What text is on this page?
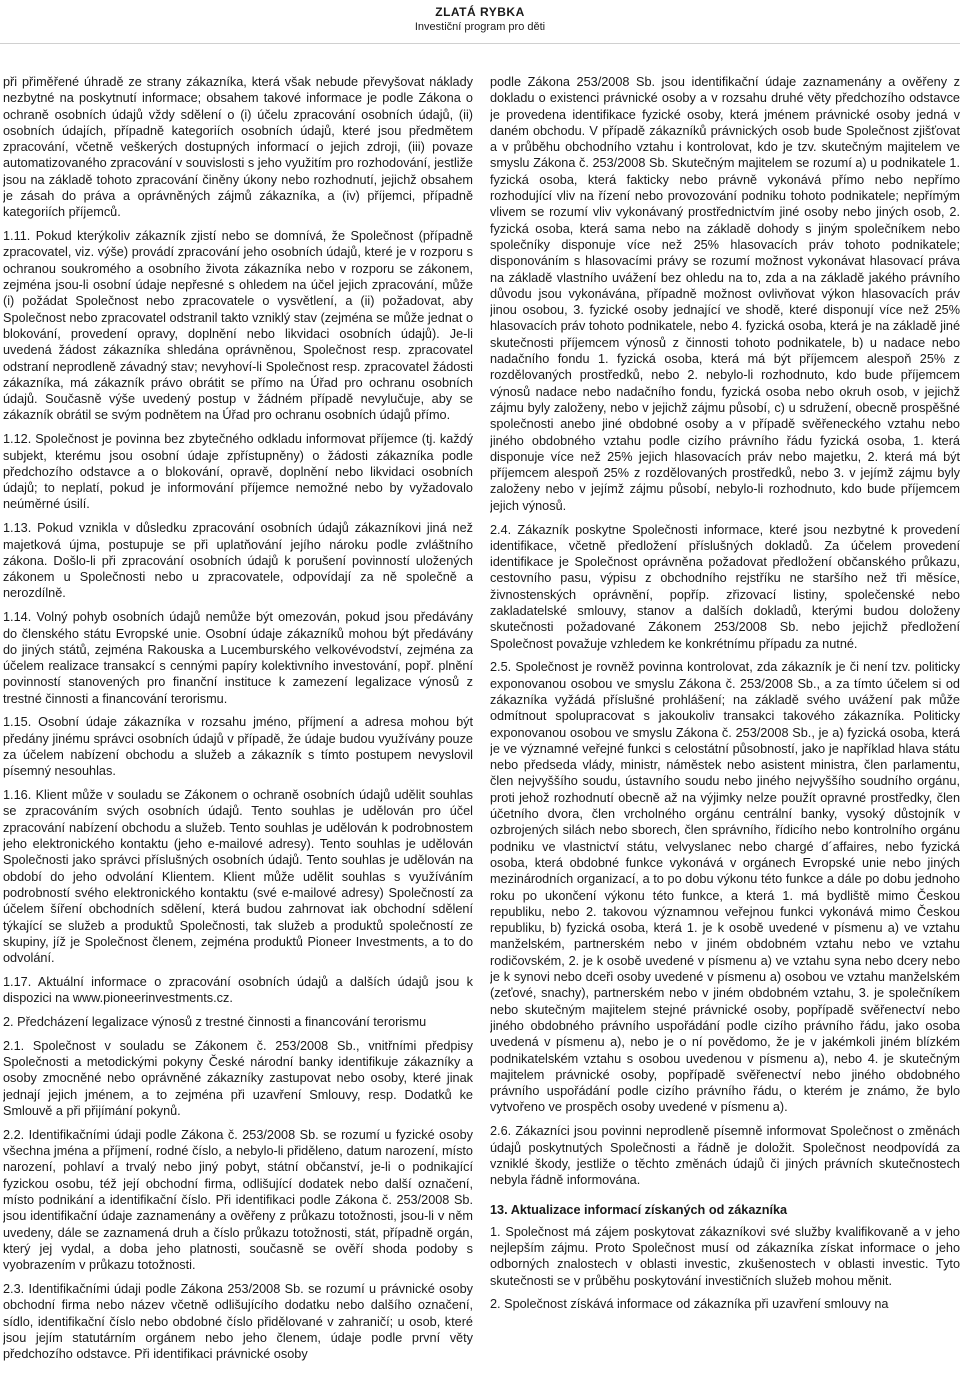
ZLATÁ RYBKA
Investiční program pro děti

při přiměřené úhradě ze strany zákazníka, která však nebude převyšovat náklady nezbytné na poskytnutí informace; obsahem takové informace je podle Zákona o ochraně osobních údajů vždy sdělení o (i) účelu zpracování osobních údajů, (ii) osobních údajích, případně kategoriích osobních údajů, které jsou předmětem zpracování, včetně veškerých dostupných informací o jejich zdroji, (iii) povaze automatizovaného zpracování v souvislosti s jeho využitím pro rozhodování, jestliže jsou na základě tohoto zpracování činěny úkony nebo rozhodnutí, jejichž obsahem je zásah do práva a oprávněných zájmů zákazníka, a (iv) příjemci, případně kategoriích příjemců.

1.11. Pokud kterýkoliv zákazník zjistí nebo se domnívá, že Společnost (případně zpracovatel, viz. výše) provádí zpracování jeho osobních údajů, které je v rozporu s ochranou soukromého a osobního života zákazníka nebo v rozporu se zákonem, zejména jsou-li osobní údaje nepřesné s ohledem na účel jejich zpracování, může (i) požádat Společnost nebo zpracovatele o vysvětlení, a (ii) požadovat, aby Společnost nebo zpracovatel odstranil takto vzniklý stav (zejména se může jednat o blokování, provedení opravy, doplnění nebo likvidaci osobních údajů). Je-li uvedená žádost zákazníka shledána oprávněnou, Společnost resp. zpracovatel odstraní neprodleně závadný stav; nevyhoví-li Společnost resp. zpracovatel žádosti zákazníka, má zákazník právo obrátit se přímo na Úřad pro ochranu osobních údajů. Současně výše uvedený postup v žádném případě nevylučuje, aby se zákazník obrátil se svým podnětem na Úřad pro ochranu osobních údajů přímo.

1.12. Společnost je povinna bez zbytečného odkladu informovat příjemce (tj. každý subjekt, kterému jsou osobní údaje zpřístupněny) o žádosti zákazníka podle předchozího odstavce a o blokování, opravě, doplnění nebo likvidaci osobních údajů; to neplatí, pokud je informování příjemce nemožné nebo by vyžadovalo neúměrné úsilí.

1.13. Pokud vznikla v důsledku zpracování osobních údajů zákazníkovi jiná než majetková újma, postupuje se při uplatňování jejího nároku podle zvláštního zákona. Došlo-li při zpracování osobních údajů k porušení povinností uložených zákonem u Společnosti nebo u zpracovatele, odpovídají za ně společně a nerozdílně.

1.14. Volný pohyb osobních údajů nemůže být omezován, pokud jsou předávány do členského státu Evropské unie. Osobní údaje zákazníků mohou být předávány do jiných států, zejména Rakouska a Lucemburského velkovévodství, zejména za účelem realizace transakcí s cennými papíry kolektivního investování, popř. plnění povinností stanovených pro finanční instituce k zamezení legalizace výnosů z trestné činnosti a financování terorismu.

1.15. Osobní údaje zákazníka v rozsahu jméno, příjmení a adresa mohou být předány jinému správci osobních údajů v případě, že údaje budou využívány pouze za účelem nabízení obchodu a služeb a zákazník s tímto postupem nevyslovil písemný nesouhlas.

1.16. Klient může v souladu se Zákonem o ochraně osobních údajů udělit souhlas se zpracováním svých osobních údajů. Tento souhlas je udělován pro účel zpracování nabízení obchodu a služeb. Tento souhlas je udělován k podrobnostem jeho elektronického kontaktu (jeho e-mailové adresy). Tento souhlas je udělován Společnosti jako správci příslušných osobních údajů. Tento souhlas je udělován na období do jeho odvolání Klientem. Klient může udělit souhlas s využíváním podrobností svého elektronického kontaktu (své e-mailové adresy) Společností za účelem šíření obchodních sdělení, která budou zahrnovat iak obchodní sdělení týkající se služeb a produktů Společnosti, tak služeb a produktů společností ze skupiny, jíž je Společnost členem, zejména produktů Pioneer Investments, a to do odvolání.

1.17. Aktuální informace o zpracování osobních údajů a dalších údajů jsou k dispozici na www.pioneerinvestments.cz.

2. Předcházení legalizace výnosů z trestné činnosti a financování terorismu

2.1. Společnost v souladu se Zákonem č. 253/2008 Sb., vnitřními předpisy Společnosti a metodickými pokyny České národní banky identifikuje zákazníky a osoby zmocněné nebo oprávněné zákazníky zastupovat nebo osoby, které jinak jednají jejich jménem, a to zejména při uzavření Smlouvy, resp. Dodatků ke Smlouvě a při přijímání pokynů.

2.2. Identifikačními údaji podle Zákona č. 253/2008 Sb. se rozumí u fyzické osoby všechna jména a příjmení, rodné číslo, a nebylo-li přiděleno, datum narození, místo narození, pohlaví a trvalý nebo jiný pobyt, státní občanství, je-li o podnikající fyzickou osobu, též její obchodní firma, odlišující dodatek nebo další označení, místo podnikání a identifikační číslo. Při identifikaci podle Zákona č. 253/2008 Sb. jsou identifikační údaje zaznamenány a ověřeny z průkazu totožnosti, jsou-li v něm uvedeny, dále se zaznamená druh a číslo průkazu totožnosti, stát, případně orgán, který jej vydal, a doba jeho platnosti, současně se ověří shoda podoby s vyobrazením v průkazu totožnosti.

2.3. Identifikačními údaji podle Zákona 253/2008 Sb. se rozumí u právnické osoby obchodní firma nebo název včetně odlišujícího dodatku nebo dalšího označení, sídlo, identifikační číslo nebo obdobné číslo přidělované v zahraničí; u osob, které jsou jejím statutárním orgánem nebo jeho členem, údaje podle první věty předchozího odstavce. Při identifikaci právnické osoby

podle Zákona 253/2008 Sb. jsou identifikační údaje zaznamenány a ověřeny z dokladu o existenci právnické osoby a v rozsahu druhé věty předchozího odstavce je provedena identifikace fyzické osoby, která jménem právnické osoby jedná v daném obchodu. V případě zákazníků právnických osob bude Společnost zjišťovat a v průběhu obchodního vztahu i kontrolovat, kdo je tzv. skutečným majitelem ve smyslu Zákona č. 253/2008 Sb. Skutečným majitelem se rozumí a) u podnikatele 1. fyzická osoba, která fakticky nebo právně vykonává přímo nebo nepřímo rozhodující vliv na řízení nebo provozování podniku tohoto podnikatele; nepřímým vlivem se rozumí vliv vykonávaný prostřednictvím jiné osoby nebo jiných osob, 2. fyzická osoba, která sama nebo na základě dohody s jiným společníkem nebo společníky disponuje více než 25% hlasovacích práv tohoto podnikatele; disponováním s hlasovacími právy se rozumí možnost vykonávat hlasovací práva na základě vlastního uvážení bez ohledu na to, zda a na základě jakého právního důvodu jsou vykonávána, případně možnost ovlivňovat výkon hlasovacích práv jinou osobou, 3. fyzické osoby jednající ve shodě, které disponují více než 25% hlasovacích práv tohoto podnikatele, nebo 4. fyzická osoba, která je na základě jiné skutečnosti příjemcem výnosů z činnosti tohoto podnikatele, b) u nadace nebo nadačního fondu 1. fyzická osoba, která má být příjemcem alespoň 25% z rozdělovaných prostředků, nebo 2. nebylo-li rozhodnuto, kdo bude příjemcem výnosů nadace nebo nadačního fondu, fyzická osoba nebo okruh osob, v jejichž zájmu byly založeny, nebo v jejichž zájmu působí, c) u sdružení, obecně prospěšné společnosti anebo jiné obdobné osoby a v případě svěřeneckého vztahu nebo jiného obdobného vztahu podle cizího právního řádu fyzická osoba, 1. která disponuje více než 25% jejich hlasovacích práv nebo majetku, 2. která má být příjemcem alespoň 25% z rozdělovaných prostředků, nebo 3. v jejímž zájmu byly založeny nebo v jejímž zájmu působí, nebylo-li rozhodnuto, kdo bude příjemcem jejich výnosů.

2.4. Zákazník poskytne Společnosti informace, které jsou nezbytné k provedení identifikace, včetně předložení příslušných dokladů. Za účelem provedení identifikace je Společnost oprávněna požadovat předložení občanského průkazu, cestovního pasu, výpisu z obchodního rejstříku ne staršího než tři měsíce, živnostenských oprávnění, popříp. zřizovací listiny, společenské nebo zakladatelské smlouvy, stanov a dalších dokladů, kterými budou doloženy skutečnosti požadované Zákonem 253/2008 Sb. nebo jejichž předložení Společnost považuje vzhledem ke konkrétnímu případu za nutné.

2.5. Společnost je rovněž povinna kontrolovat, zda zákazník je či není tzv. politicky exponovanou osobou ve smyslu Zákona č. 253/2008 Sb., a za tímto účelem si od zákazníka vyžádá příslušné prohlášení; na základě svého uvážení pak může odmítnout spolupracovat s jakoukoliv transakci takového zákazníka. Politicky exponovanou osobou ve smyslu Zákona č. 253/2008 Sb., je a) fyzická osoba, která je ve významné veřejné funkci s celostátní působností, jako je například hlava státu nebo předseda vlády, ministr, náměstek nebo asistent ministra, člen parlamentu, člen nejvyššího soudu, ústavního soudu nebo jiného nejvyššího soudního orgánu, proti jehož rozhodnutí obecně až na výjimky nelze použít opravné prostředky, člen účetního dvora, člen vrcholného orgánu centrální banky, vysoký důstojník v ozbrojených silách nebo sborech, člen správního, řídicího nebo kontrolního orgánu podniku ve vlastnictví státu, velvyslanec nebo chargé d´affaires, nebo fyzická osoba, která obdobné funkce vykonává v orgánech Evropské unie nebo jiných mezinárodních organizací, a to po dobu výkonu této funkce a dále po dobu jednoho roku po ukončení výkonu této funkce, a která 1. má bydliště mimo Českou republiku, nebo 2. takovou významnou veřejnou funkci vykonává mimo Českou republiku, b) fyzická osoba, která 1. je k osobě uvedené v písmenu a) ve vztahu manželském, partnerském nebo v jiném obdobném vztahu nebo ve vztahu rodičovském, 2. je k osobě uvedené v písmenu a) ve vztahu syna nebo dcery nebo je k synovi nebo dceři osoby uvedené v písmenu a) osobou ve vztahu manželském (zeťové, snachy), partnerském nebo v jiném obdobném vztahu, 3. je společníkem nebo skutečným majitelem stejné právnické osoby, popřípadě svěřenectví nebo jiného obdobného právního uspořádání podle cizího právního řádu, jako osoba uvedená v písmenu a), nebo je o ní povědomo, že je v jakémkoli jiném blízkém podnikatelském vztahu s osobou uvedenou v písmenu a), nebo 4. je skutečným majitelem právnické osoby, popřípadě svěřenectví nebo jiného obdobného právního uspořádání podle cizího právního řádu, o kterém je známo, že bylo vytvořeno ve prospěch osoby uvedené v písmenu a).

2.6. Zákazníci jsou povinni neprodleně písemně informovat Společnost o změnách údajů poskytnutých Společnosti a řádně je doložit. Společnost neodpovídá za vzniklé škody, jestliže o těchto změnách údajů či jiných právních skutečnostech nebyla řádně informována.

13. Aktualizace informací získaných od zákazníka

1. Společnost má zájem poskytovat zákazníkovi své služby kvalifikovaně a v jeho nejlepším zájmu. Proto Společnost musí od zákazníka získat informace o jeho odborných znalostech v oblasti investic, zkušenostech v oblasti investic. Tyto skutečnosti se v průběhu poskytování investičních služeb mohou měnit.

2. Společnost získává informace od zákazníka při uzavření smlouvy na
